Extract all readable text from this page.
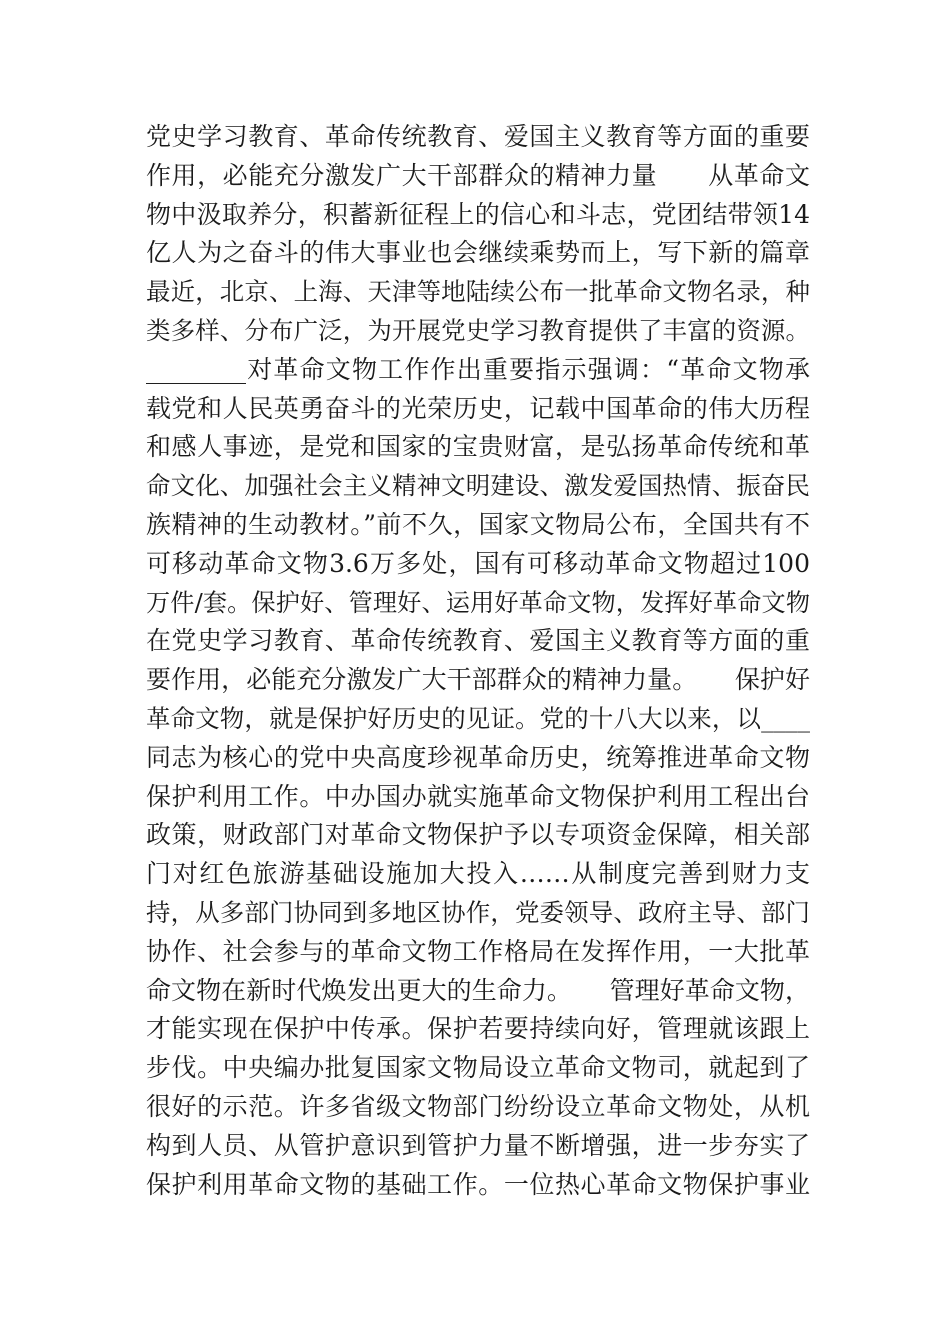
党史学习教育、革命传统教育、爱国主义教育等方面的重要
作用，必能充分激发广大干部群众的精神力量　　从革命文
物中汲取养分，积蓄新征程上的信心和斗志，党团结带领14
亿人为之奋斗的伟大事业也会继续乘势而上，写下新的篇章
最近，北京、上海、天津等地陆续公布一批革命文物名录，种
类多样、分布广泛，为开展党史学习教育提供了丰富的资源。
________对革命文物工作作出重要指示强调：“革命文物承
载党和人民英勇奋斗的光荣历史，记载中国革命的伟大历程
和感人事迹，是党和国家的宝贵财富，是弘扬革命传统和革
命文化、加强社会主义精神文明建设、激发爱国热情、振奋民
族精神的生动教材。”前不久，国家文物局公布，全国共有不
可移动革命文物3.6万多处，国有可移动革命文物超过100
万件/套。保护好、管理好、运用好革命文物，发挥好革命文物
在党史学习教育、革命传统教育、爱国主义教育等方面的重
要作用，必能充分激发广大干部群众的精神力量。　　保护好
革命文物，就是保护好历史的见证。党的十八大以来，以____
同志为核心的党中央高度珍视革命历史，统筹推进革命文物
保护利用工作。中办国办就实施革命文物保护利用工程出台
政策，财政部门对革命文物保护予以专项资金保障，相关部
门对红色旅游基础设施加大投入……从制度完善到财力支
持，从多部门协同到多地区协作，党委领导、政府主导、部门
协作、社会参与的革命文物工作格局在发挥作用，一大批革
命文物在新时代焕发出更大的生命力。　　管理好革命文物，
才能实现在保护中传承。保护若要持续向好，管理就该跟上
步伐。中央编办批复国家文物局设立革命文物司，就起到了
很好的示范。许多省级文物部门纷纷设立革命文物处，从机
构到人员、从管护意识到管护力量不断增强，进一步夯实了
保护利用革命文物的基础工作。一位热心革命文物保护事业
